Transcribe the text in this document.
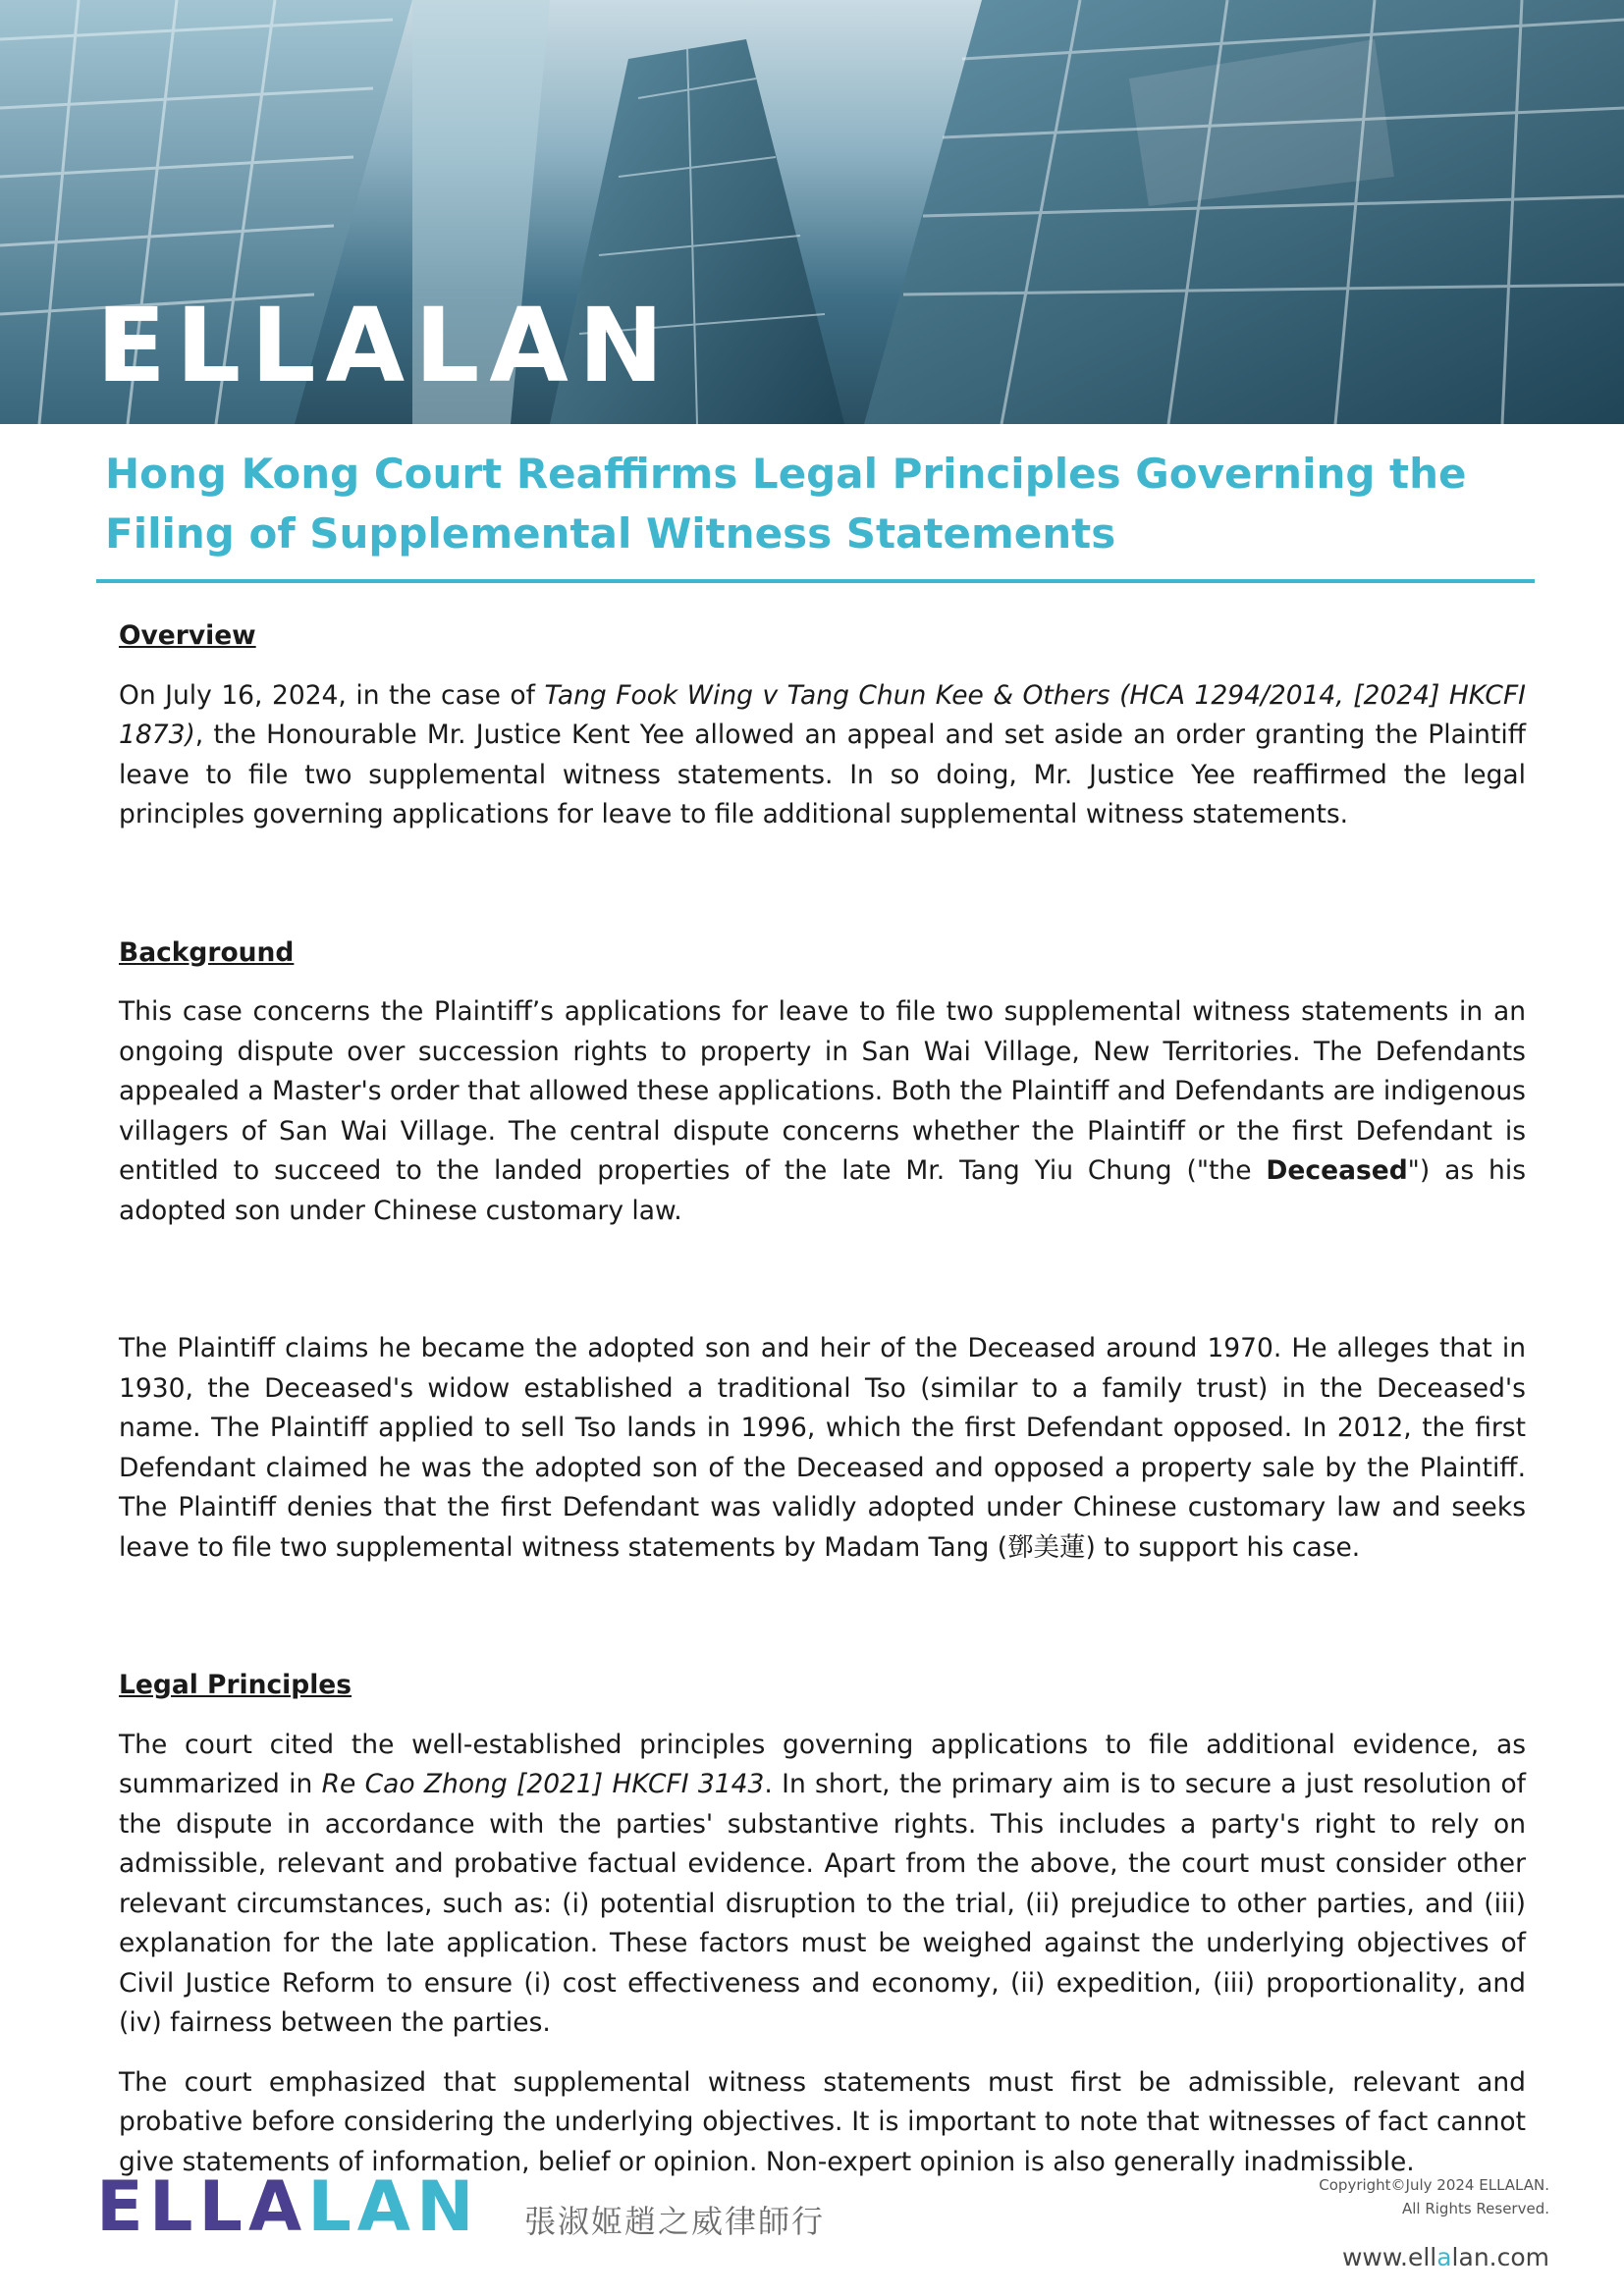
ELLALAN
Hong Kong Court Reaffirms Legal Principles Governing the Filing of Supplemental Witness Statements

Overview

On July 16, 2024, in the case of Tang Fook Wing v Tang Chun Kee & Others (HCA 1294/2014, [2024] HKCFI 1873), the Honourable Mr. Justice Kent Yee allowed an appeal and set aside an order granting the Plaintiff leave to file two supplemental witness statements. In so doing, Mr. Justice Yee reaffirmed the legal principles governing applications for leave to file additional supplemental witness statements.

Background

This case concerns the Plaintiff’s applications for leave to file two supplemental witness statements in an ongoing dispute over succession rights to property in San Wai Village, New Territories. The Defendants appealed a Master's order that allowed these applications. Both the Plaintiff and Defendants are indigenous villagers of San Wai Village. The central dispute concerns whether the Plaintiff or the first Defendant is entitled to succeed to the landed properties of the late Mr. Tang Yiu Chung ("the Deceased") as his adopted son under Chinese customary law.

The Plaintiff claims he became the adopted son and heir of the Deceased around 1970. He alleges that in 1930, the Deceased's widow established a traditional Tso (similar to a family trust) in the Deceased's name. The Plaintiff applied to sell Tso lands in 1996, which the first Defendant opposed. In 2012, the first Defendant claimed he was the adopted son of the Deceased and opposed a property sale by the Plaintiff. The Plaintiff denies that the first Defendant was validly adopted under Chinese customary law and seeks leave to file two supplemental witness statements by Madam Tang (鄧美蓮) to support his case.

Legal Principles

The court cited the well-established principles governing applications to file additional evidence, as summarized in Re Cao Zhong [2021] HKCFI 3143. In short, the primary aim is to secure a just resolution of the dispute in accordance with the parties' substantive rights. This includes a party's right to rely on admissible, relevant and probative factual evidence. Apart from the above, the court must consider other relevant circumstances, such as: (i) potential disruption to the trial, (ii) prejudice to other parties, and (iii) explanation for the late application. These factors must be weighed against the underlying objectives of Civil Justice Reform to ensure (i) cost effectiveness and economy, (ii) expedition, (iii) proportionality, and (iv) fairness between the parties.

The court emphasized that supplemental witness statements must first be admissible, relevant and probative before considering the underlying objectives. It is important to note that witnesses of fact cannot give statements of information, belief or opinion. Non-expert opinion is also generally inadmissible.

ELLALAN 張淑姬趙之威律師行
Copyright©July 2024 ELLALAN.
All Rights Reserved.
www.ellalan.com
